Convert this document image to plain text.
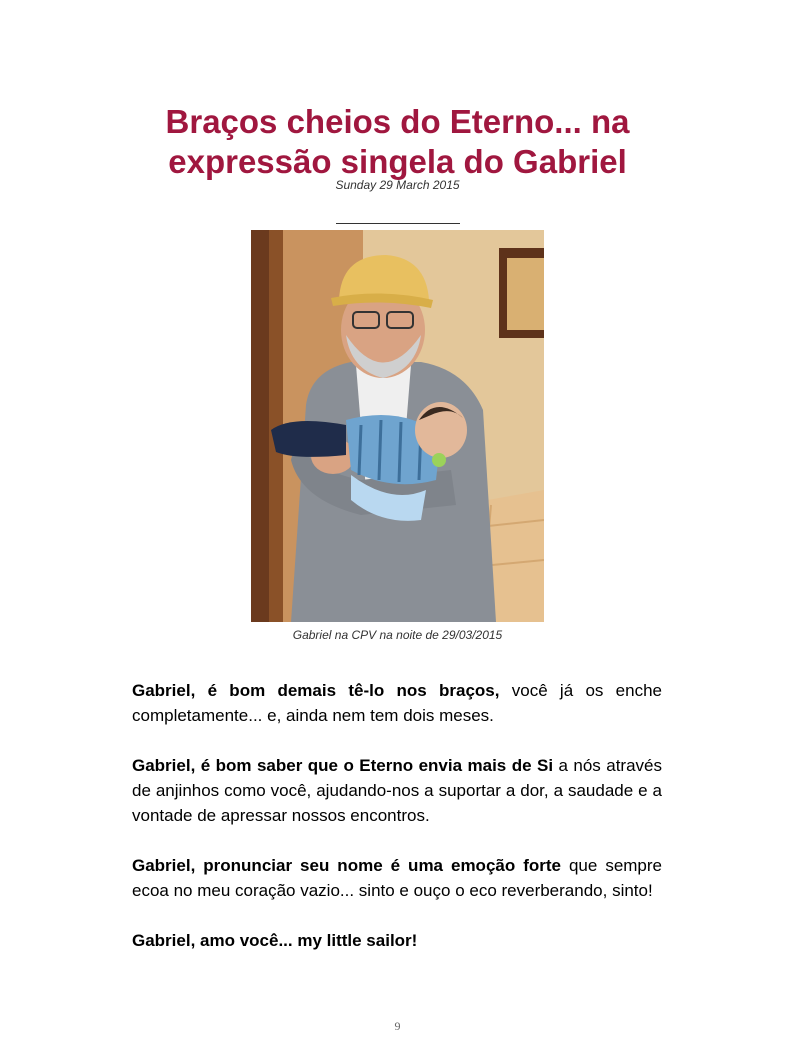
Braços cheios do Eterno... na
expressão singela do Gabriel
Sunday 29 March 2015
Gabriel na CPV na noite de 29/03/2015

Gabriel, é bom demais tê-lo nos braços, você já os enche completamente... e, ainda nem tem dois meses.

Gabriel, é bom saber que o Eterno envia mais de Si a nós através de anjinhos como você, ajudando-nos a suportar a dor, a saudade e a vontade de apressar nossos encontros.

Gabriel, pronunciar seu nome é uma emoção forte que sempre ecoa no meu coração vazio... sinto e ouço o eco reverberando, sinto!

Gabriel, amo você... my little sailor!

9
